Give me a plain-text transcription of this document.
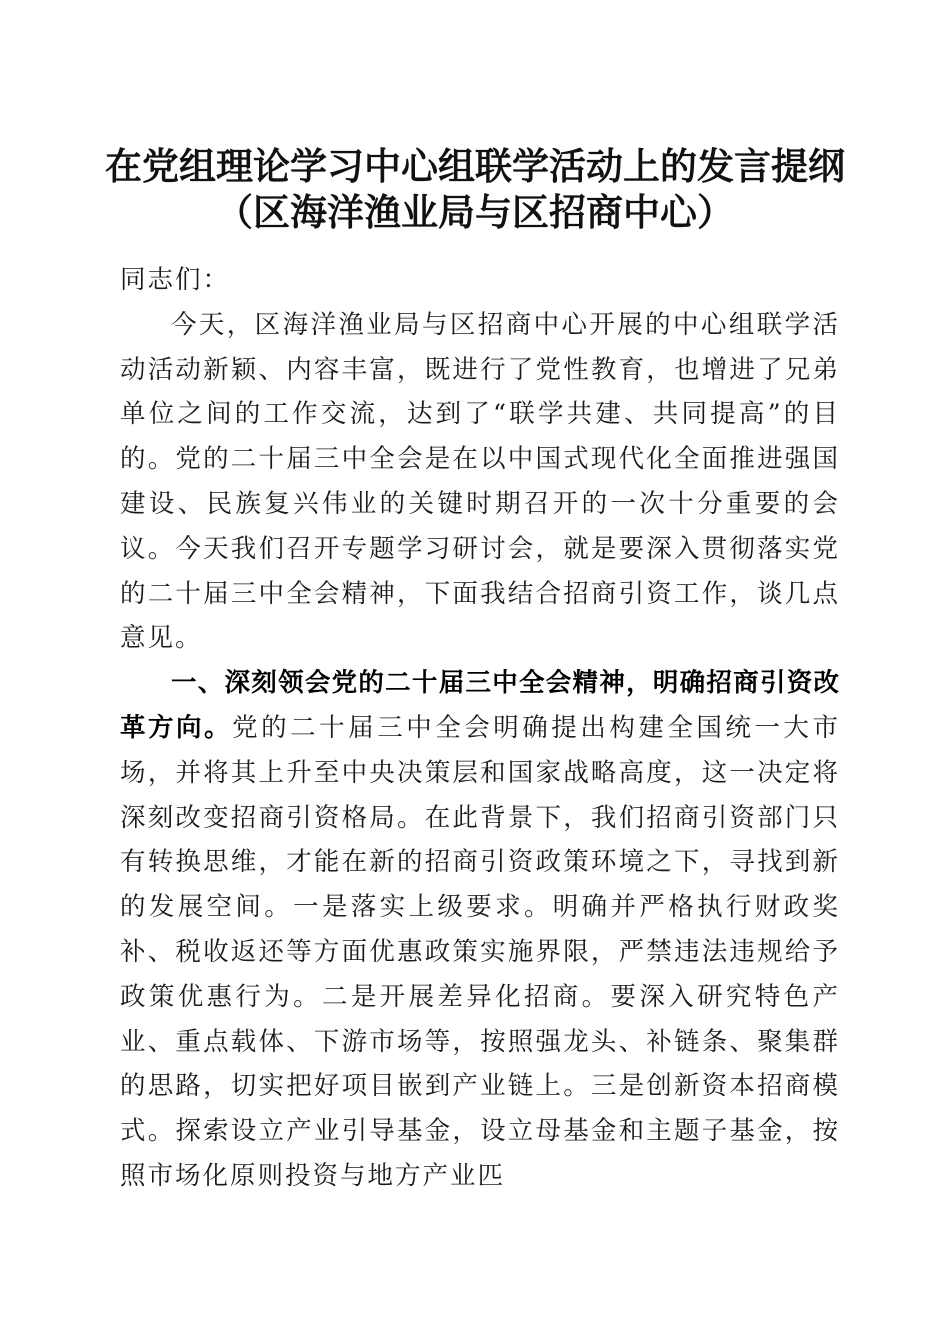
在党组理论学习中心组联学活动上的发言提纲
（区海洋渔业局与区招商中心）

同志们：

今天，区海洋渔业局与区招商中心开展的中心组联学活动活动新颖、内容丰富，既进行了党性教育，也增进了兄弟单位之间的工作交流，达到了“联学共建、共同提高”的目的。党的二十届三中全会是在以中国式现代化全面推进强国建设、民族复兴伟业的关键时期召开的一次十分重要的会议。今天我们召开专题学习研讨会，就是要深入贯彻落实党的二十届三中全会精神，下面我结合招商引资工作，谈几点意见。

一、深刻领会党的二十届三中全会精神，明确招商引资改革方向。党的二十届三中全会明确提出构建全国统一大市场，并将其上升至中央决策层和国家战略高度，这一决定将深刻改变招商引资格局。在此背景下，我们招商引资部门只有转换思维，才能在新的招商引资政策环境之下，寻找到新的发展空间。一是落实上级要求。明确并严格执行财政奖补、税收返还等方面优惠政策实施界限，严禁违法违规给予政策优惠行为。二是开展差异化招商。要深入研究特色产业、重点载体、下游市场等，按照强龙头、补链条、聚集群的思路，切实把好项目嵌到产业链上。三是创新资本招商模式。探索设立产业引导基金，设立母基金和主题子基金，按照市场化原则投资与地方产业匹
